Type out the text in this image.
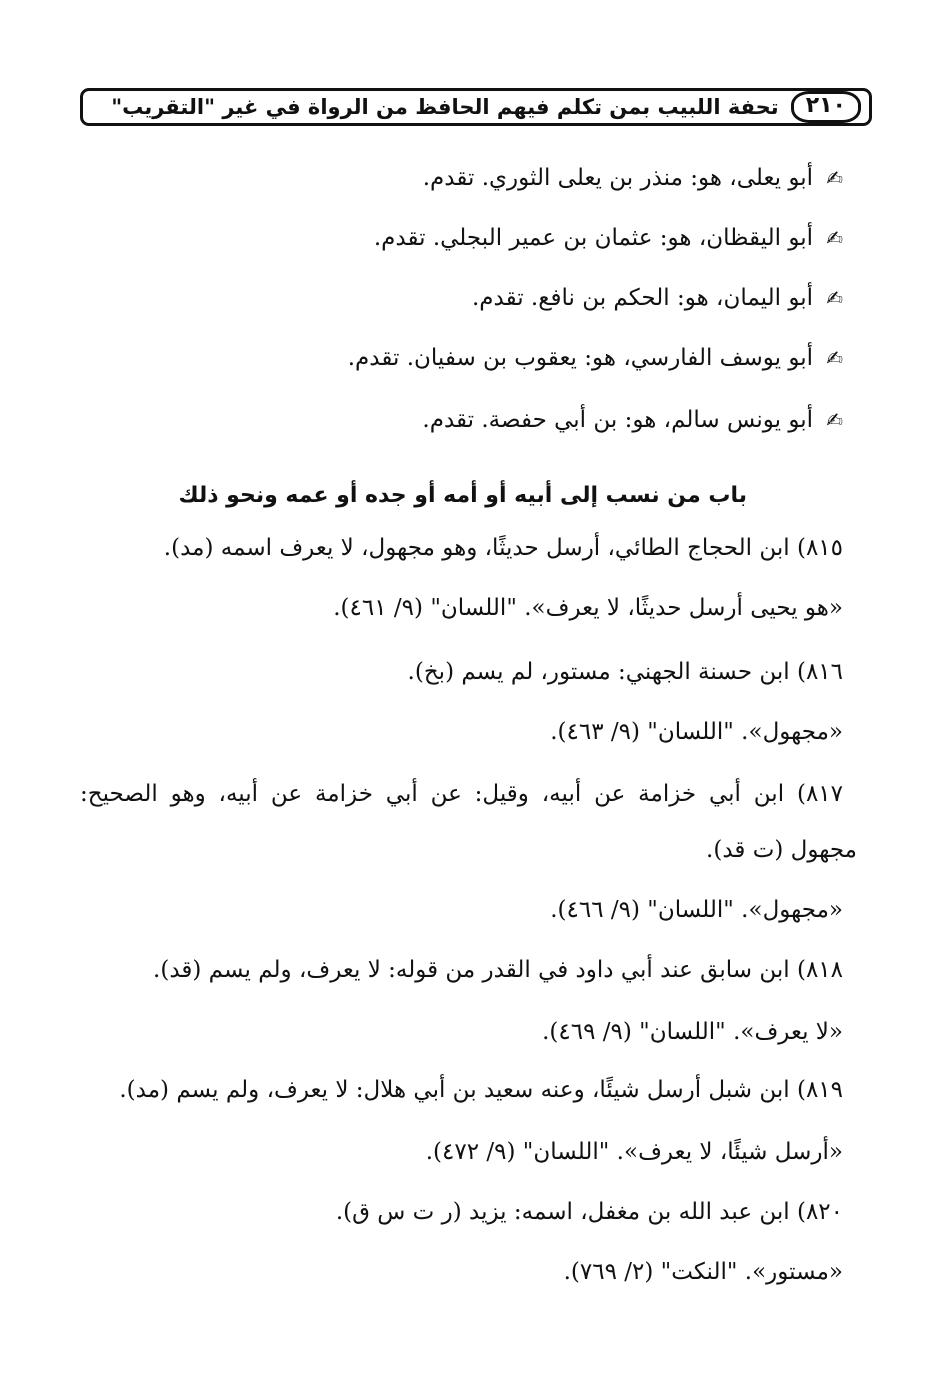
٢١٠
تحفة اللبيب بمن تكلم فيهم الحافظ من الرواة في غير "التقريب"
✍أبو يعلى، هو: منذر بن يعلى الثوري. تقدم.
✍أبو اليقظان، هو: عثمان بن عمير البجلي. تقدم.
✍أبو اليمان، هو: الحكم بن نافع. تقدم.
✍أبو يوسف الفارسي، هو: يعقوب بن سفيان. تقدم.
✍أبو يونس سالم، هو: بن أبي حفصة. تقدم.
باب من نسب إلى أبيه أو أمه أو جده أو عمه ونحو ذلك
٨١٥) ابن الحجاج الطائي، أرسل حديثًا، وهو مجهول، لا يعرف اسمه (مد).
«هو يحيى أرسل حديثًا، لا يعرف». "اللسان" (٩/ ٤٦١).
٨١٦) ابن حسنة الجهني: مستور، لم يسم (بخ).
«مجهول». "اللسان" (٩/ ٤٦٣).
٨١٧) ابن أبي خزامة عن أبيه، وقيل: عن أبي خزامة عن أبيه، وهو الصحيح:
مجهول (ت قد).
«مجهول». "اللسان" (٩/ ٤٦٦).
٨١٨) ابن سابق عند أبي داود في القدر من قوله: لا يعرف، ولم يسم (قد).
«لا يعرف». "اللسان" (٩/ ٤٦٩).
٨١٩) ابن شبل أرسل شيئًا، وعنه سعيد بن أبي هلال: لا يعرف، ولم يسم (مد).
«أرسل شيئًا، لا يعرف». "اللسان" (٩/ ٤٧٢).
٨٢٠) ابن عبد الله بن مغفل، اسمه: يزيد (ر ت س ق).
«مستور». "النكت" (٢/ ٧٦٩).
